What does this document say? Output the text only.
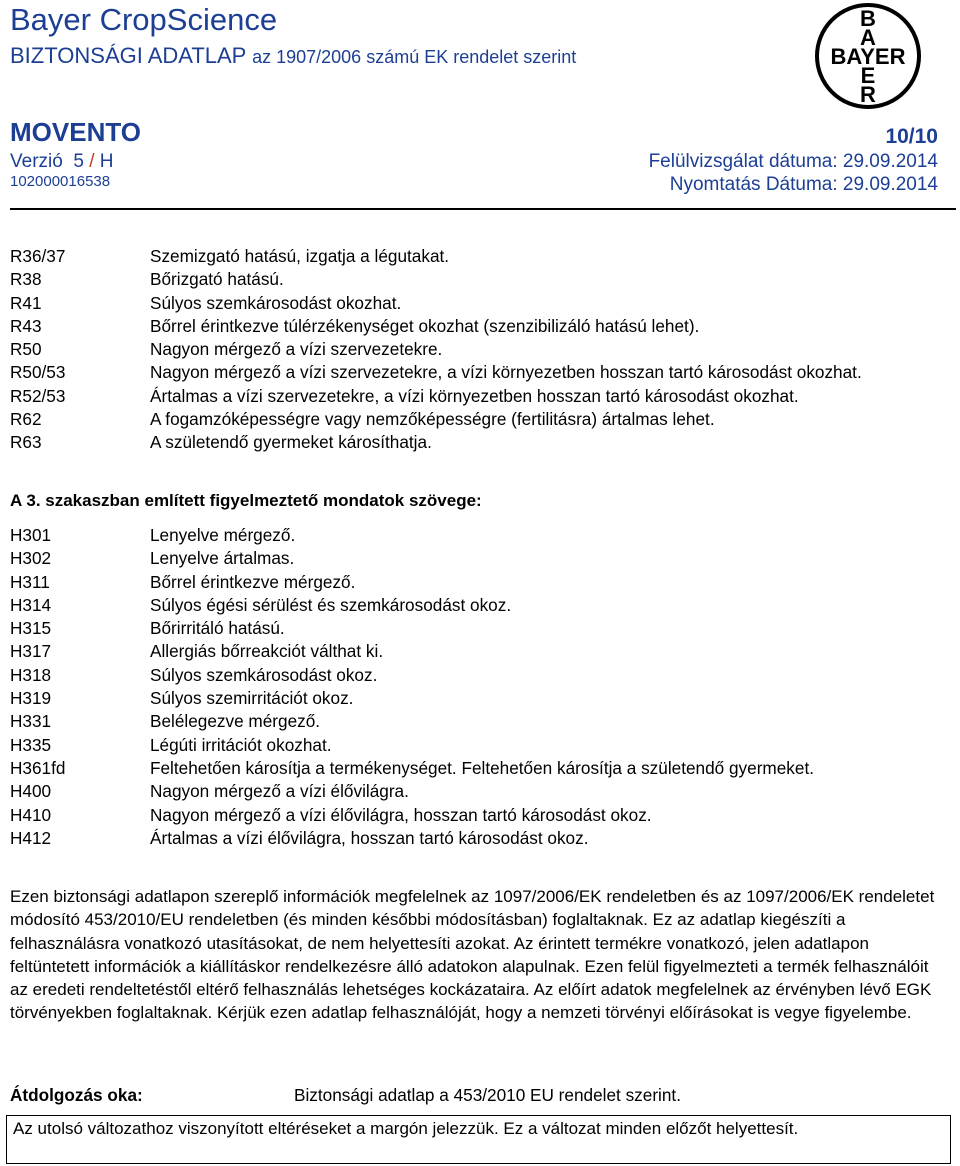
Bayer CropScience
BIZTONSÁGI ADATLAP az 1907/2006 számú EK rendelet szerint
B
A
BAYER
E
R
MOVENTO	10/10
Verzió 5 / H	Felülvizsgálat dátuma: 29.09.2014
102000016538	Nyomtatás Dátuma: 29.09.2014
R36/37	Szemizgató hatású, izgatja a légutakat.
R38	Bőrizgató hatású.
R41	Súlyos szemkárosodást okozhat.
R43	Bőrrel érintkezve túlérzékenységet okozhat (szenzibilizáló hatású lehet).
R50	Nagyon mérgező a vízi szervezetekre.
R50/53	Nagyon mérgező a vízi szervezetekre, a vízi környezetben hosszan tartó károsodást okozhat.
R52/53	Ártalmas a vízi szervezetekre, a vízi környezetben hosszan tartó károsodást okozhat.
R62	A fogamzóképességre vagy nemzőképességre (fertilitásra) ártalmas lehet.
R63	A születendő gyermeket károsíthatja.
A 3. szakaszban említett figyelmeztető mondatok szövege:
H301	Lenyelve mérgező.
H302	Lenyelve ártalmas.
H311	Bőrrel érintkezve mérgező.
H314	Súlyos égési sérülést és szemkárosodást okoz.
H315	Bőrirritáló hatású.
H317	Allergiás bőrreakciót válthat ki.
H318	Súlyos szemkárosodást okoz.
H319	Súlyos szemirritációt okoz.
H331	Belélegezve mérgező.
H335	Légúti irritációt okozhat.
H361fd	Feltehetően károsítja a termékenységet. Feltehetően károsítja a születendő gyermeket.
H400	Nagyon mérgező a vízi élővilágra.
H410	Nagyon mérgező a vízi élővilágra, hosszan tartó károsodást okoz.
H412	Ártalmas a vízi élővilágra, hosszan tartó károsodást okoz.
Ezen biztonsági adatlapon szereplő információk megfelelnek az 1097/2006/EK rendeletben és az 1097/2006/EK rendeletet módosító 453/2010/EU rendeletben (és minden későbbi módosításban) foglaltaknak. Ez az adatlap kiegészíti a felhasználásra vonatkozó utasításokat, de nem helyettesíti azokat. Az érintett termékre vonatkozó, jelen adatlapon feltüntetett információk a kiállításkor rendelkezésre álló adatokon alapulnak. Ezen felül figyelmezteti a termék felhasználóit az eredeti rendeltetéstől eltérő felhasználás lehetséges kockázataira. Az előírt adatok megfelelnek az érvényben lévő EGK törvényekben foglaltaknak. Kérjük ezen adatlap felhasználóját, hogy a nemzeti törvényi előírásokat is vegye figyelembe.
Átdolgozás oka:	Biztonsági adatlap a 453/2010 EU rendelet szerint.
Az utolsó változathoz viszonyított eltéréseket a margón jelezzük. Ez a változat minden előzőt helyettesít.
